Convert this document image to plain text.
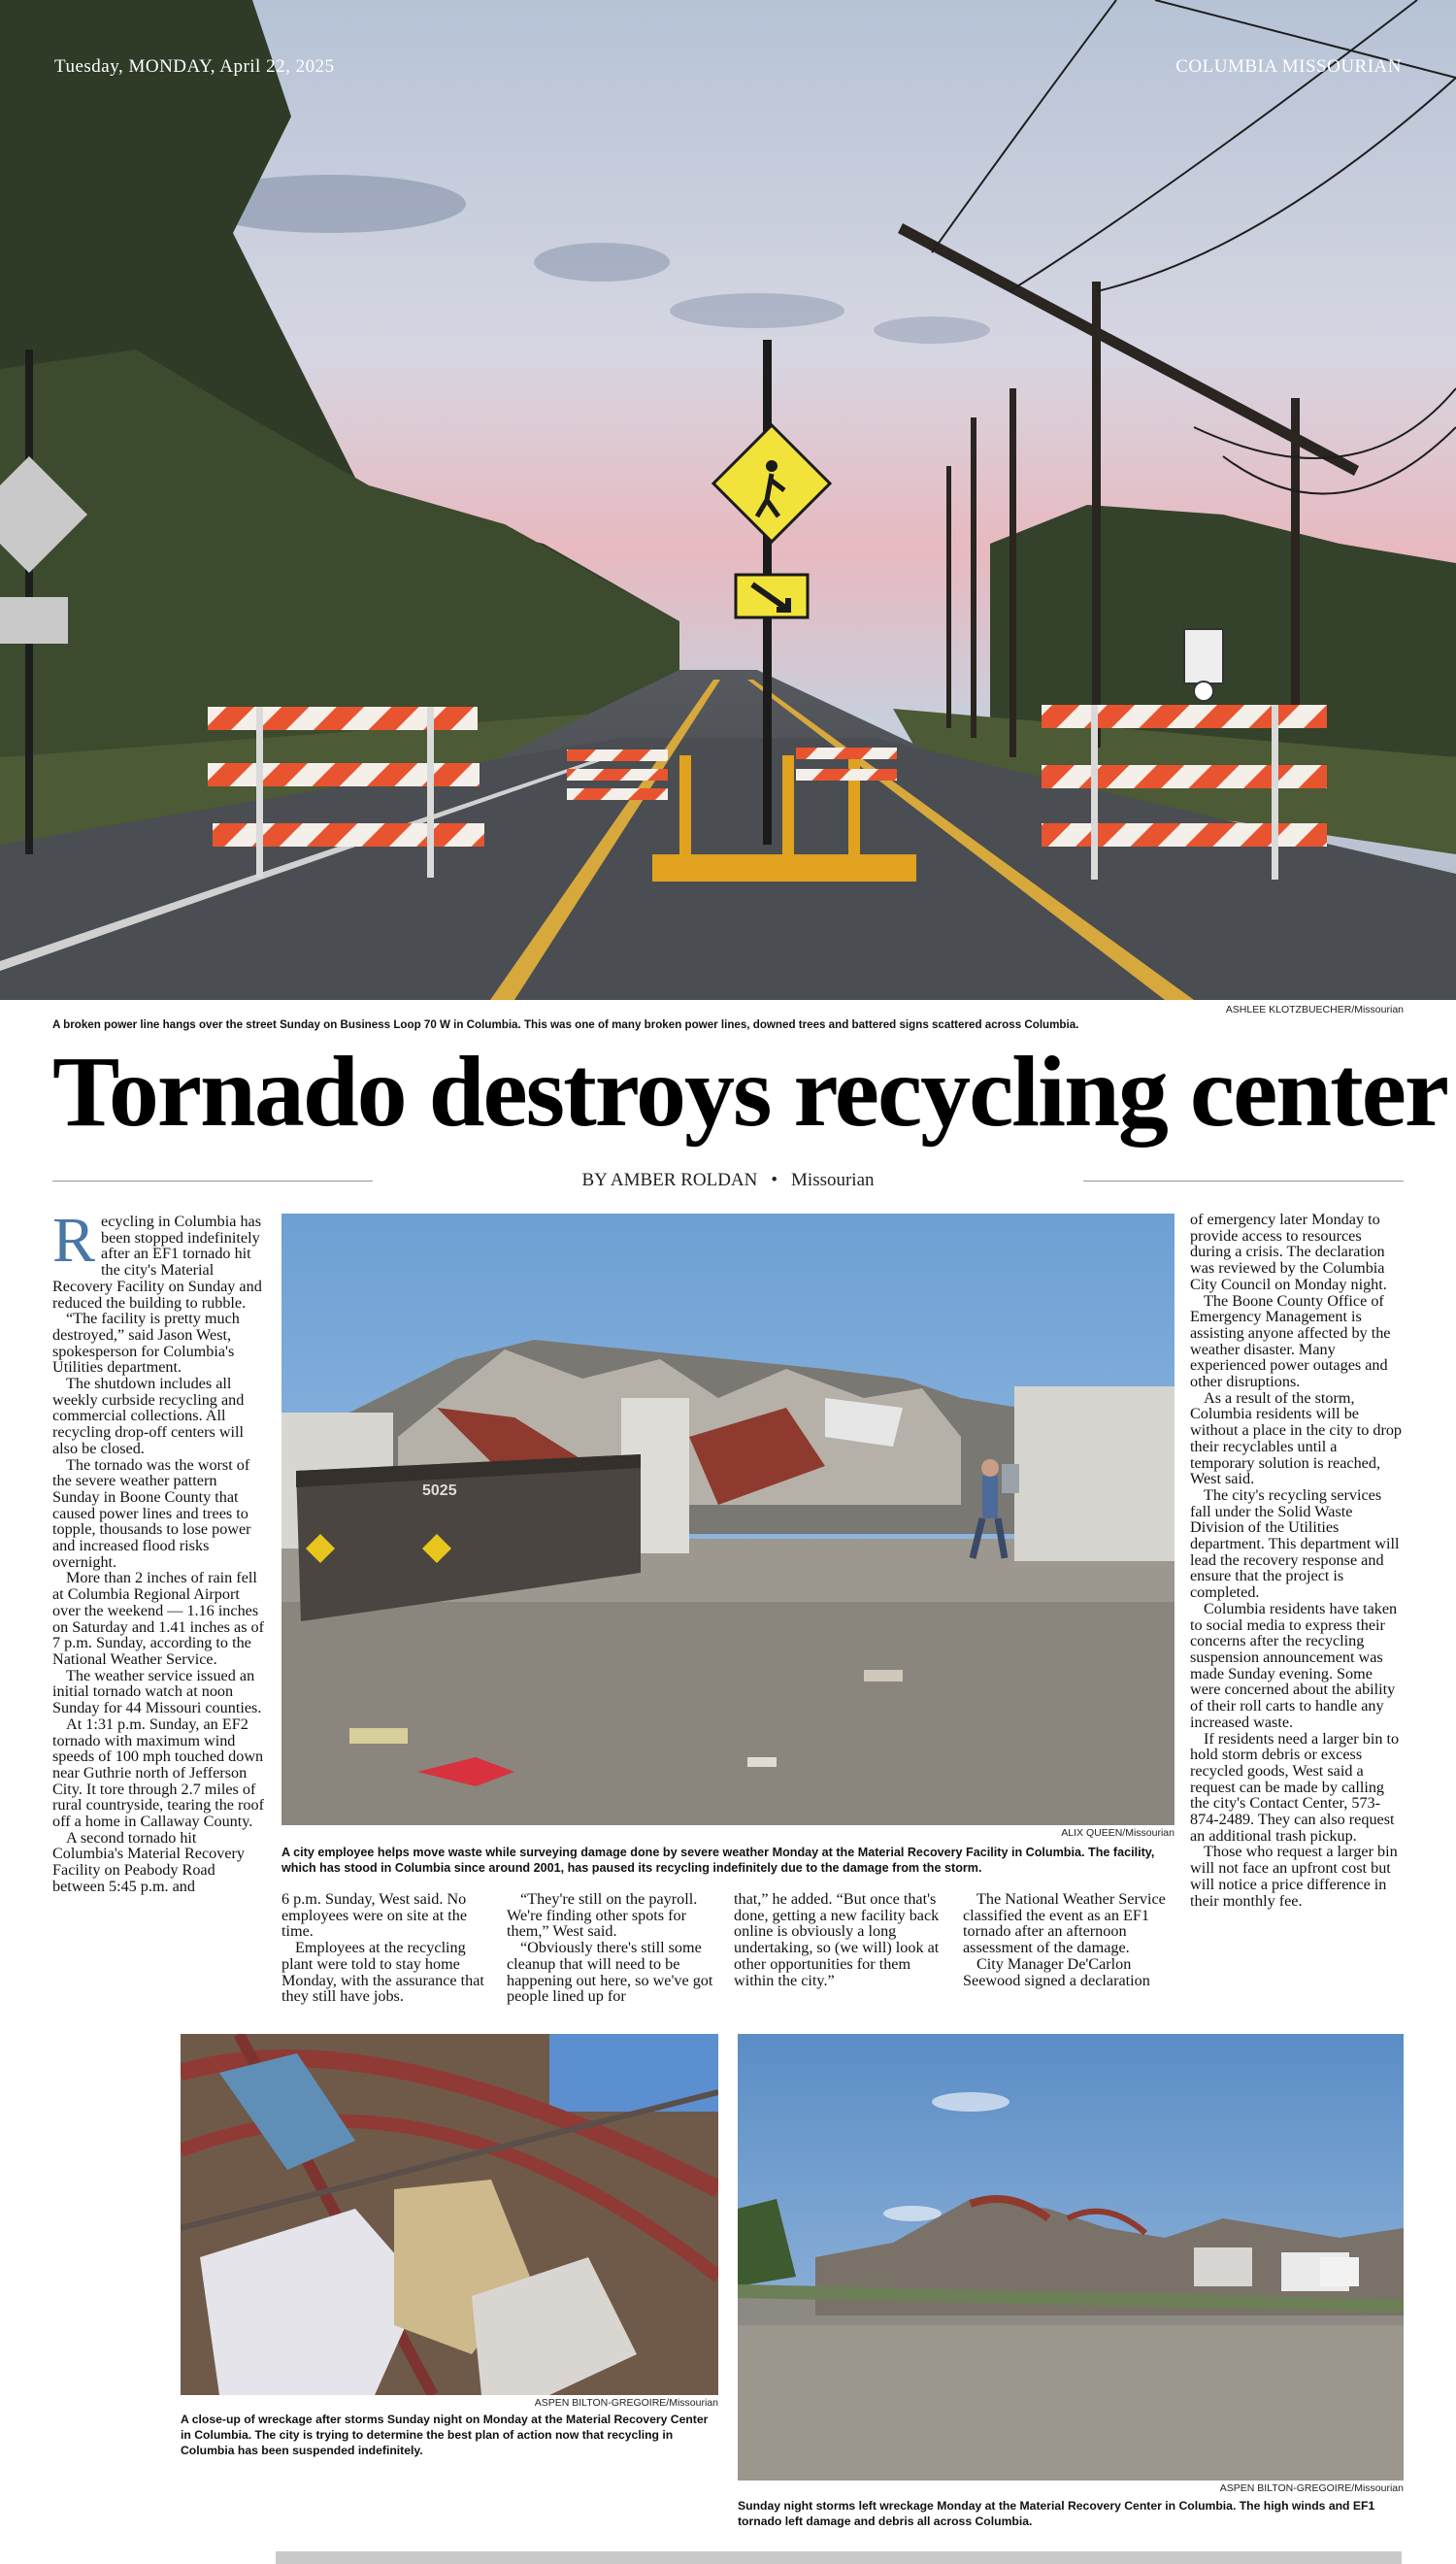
Tuesday, MONDAY, April 22, 2025	COLUMBIA MISSOURIAN
A broken power line hangs over the street Sunday on Business Loop 70 W in Columbia. This was one of many broken power lines, downed trees and battered signs scattered across Columbia.
ASHLEE KLOTZBUECHER/Missourian
Tornado destroys recycling center
BY AMBER ROLDAN • Missourian
5025
ALIX QUEEN/Missourian
A city employee helps move waste while surveying damage done by severe weather Monday at the Material Recovery Facility in Columbia. The facility, which has stood in Columbia since around 2001, has paused its recycling indefinitely due to the damage from the storm.

Recycling in Columbia has been stopped indefinitely after an EF1 tornado hit the city's Material Recovery Facility on Sunday and reduced the building to rubble.

“The facility is pretty much destroyed,” said Jason West, spokesperson for Columbia's Utilities department.

The shutdown includes all weekly curbside recycling and commercial collections. All recycling drop-off centers will also be closed.

The tornado was the worst of the severe weather pattern Sunday in Boone County that caused power lines and trees to topple, thousands to lose power and increased flood risks overnight.

More than 2 inches of rain fell at Columbia Regional Airport over the weekend — 1.16 inches on Saturday and 1.41 inches as of 7 p.m. Sunday, according to the National Weather Service.

The weather service issued an initial tornado watch at noon Sunday for 44 Missouri counties.

At 1:31 p.m. Sunday, an EF2 tornado with maximum wind speeds of 100 mph touched down near Guthrie north of Jefferson City. It tore through 2.7 miles of rural countryside, tearing the roof off a home in Callaway County.

A second tornado hit Columbia's Material Recovery Facility on Peabody Road between 5:45 p.m. and

6 p.m. Sunday, West said. No employees were on site at the time.

Employees at the recycling plant were told to stay home Monday, with the assurance that they still have jobs.

“They're still on the payroll. We're finding other spots for them,” West said.

“Obviously there's still some cleanup that will need to be happening out here, so we've got people lined up for

that,” he added. “But once that's done, getting a new facility back online is obviously a long undertaking, so (we will) look at other opportunities for them within the city.”

The National Weather Service classified the event as an EF1 tornado after an afternoon assessment of the damage.

City Manager De'Carlon Seewood signed a declaration

of emergency later Monday to provide access to resources during a crisis. The declaration was reviewed by the Columbia City Council on Monday night.

The Boone County Office of Emergency Management is assisting anyone affected by the weather disaster. Many experienced power outages and other disruptions.

As a result of the storm, Columbia residents will be without a place in the city to drop their recyclables until a temporary solution is reached, West said.

The city's recycling services fall under the Solid Waste Division of the Utilities department. This department will lead the recovery response and ensure that the project is completed.

Columbia residents have taken to social media to express their concerns after the recycling suspension announcement was made Sunday evening. Some were concerned about the ability of their roll carts to handle any increased waste.

If residents need a larger bin to hold storm debris or excess recycled goods, West said a request can be made by calling the city's Contact Center, 573-874-2489. They can also request an additional trash pickup.

Those who request a larger bin will not face an upfront cost but will notice a price difference in their monthly fee.

ASPEN BILTON-GREGOIRE/Missourian
A close-up of wreckage after storms Sunday night on Monday at the Material Recovery Center in Columbia. The city is trying to determine the best plan of action now that recycling in Columbia has been suspended indefinitely.
ASPEN BILTON-GREGOIRE/Missourian
Sunday night storms left wreckage Monday at the Material Recovery Center in Columbia. The high winds and EF1 tornado left damage and debris all across Columbia.
